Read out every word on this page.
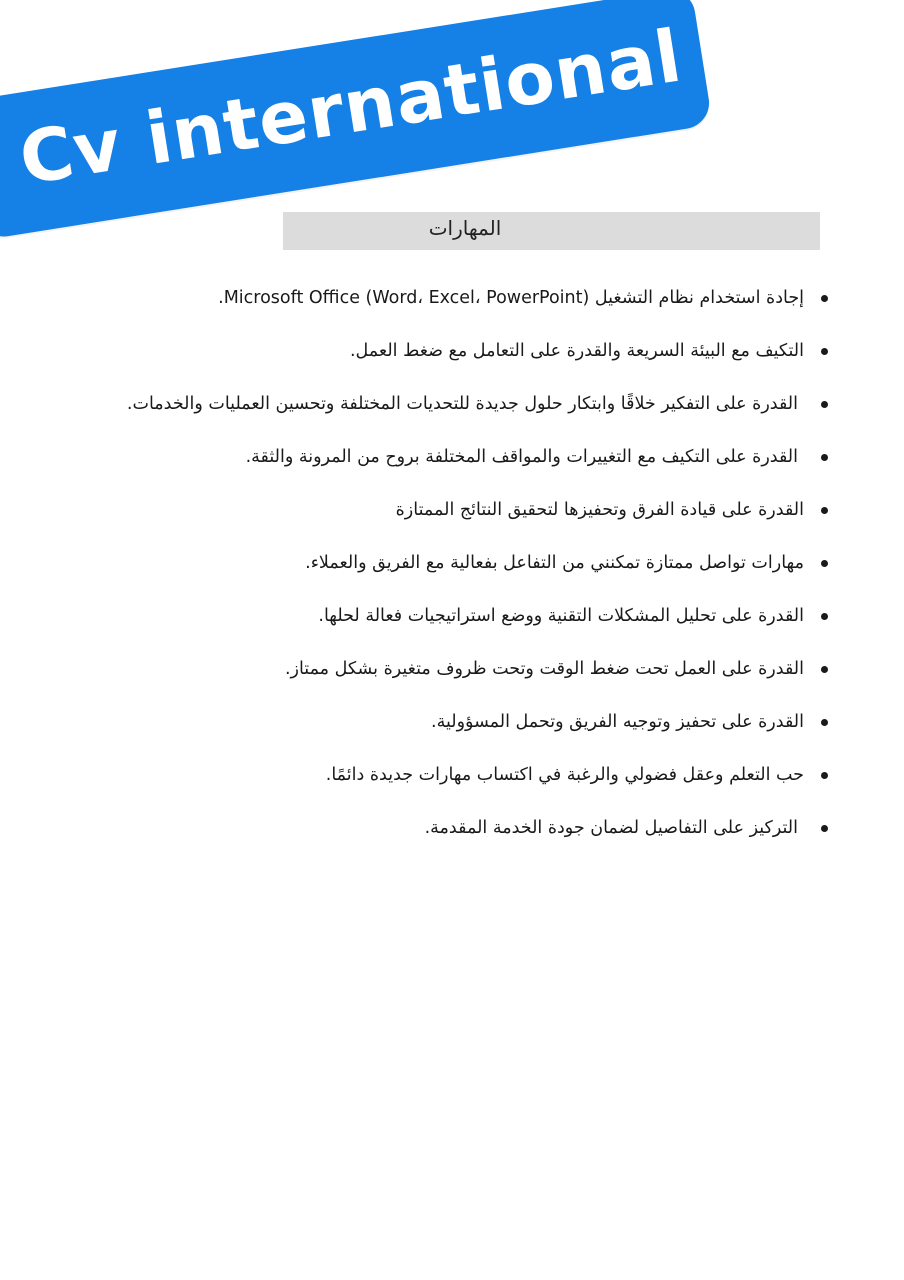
Cv international
المهارات
إجادة استخدام نظام التشغيل (Microsoft Office (Word، Excel، PowerPoint.
التكيف مع البيئة السريعة والقدرة على التعامل مع ضغط العمل.
القدرة على التفكير خلاقًا وابتكار حلول جديدة للتحديات المختلفة وتحسين العمليات والخدمات.
القدرة على التكيف مع التغييرات والمواقف المختلفة بروح من المرونة والثقة.
القدرة على قيادة الفرق وتحفيزها لتحقيق النتائج الممتازة
مهارات تواصل ممتازة تمكنني من التفاعل بفعالية مع الفريق والعملاء.
القدرة على تحليل المشكلات التقنية ووضع استراتيجيات فعالة لحلها.
القدرة على العمل تحت ضغط الوقت وتحت ظروف متغيرة بشكل ممتاز.
القدرة على تحفيز وتوجيه الفريق وتحمل المسؤولية.
حب التعلم وعقل فضولي والرغبة في اكتساب مهارات جديدة دائمًا.
التركيز على التفاصيل لضمان جودة الخدمة المقدمة.
